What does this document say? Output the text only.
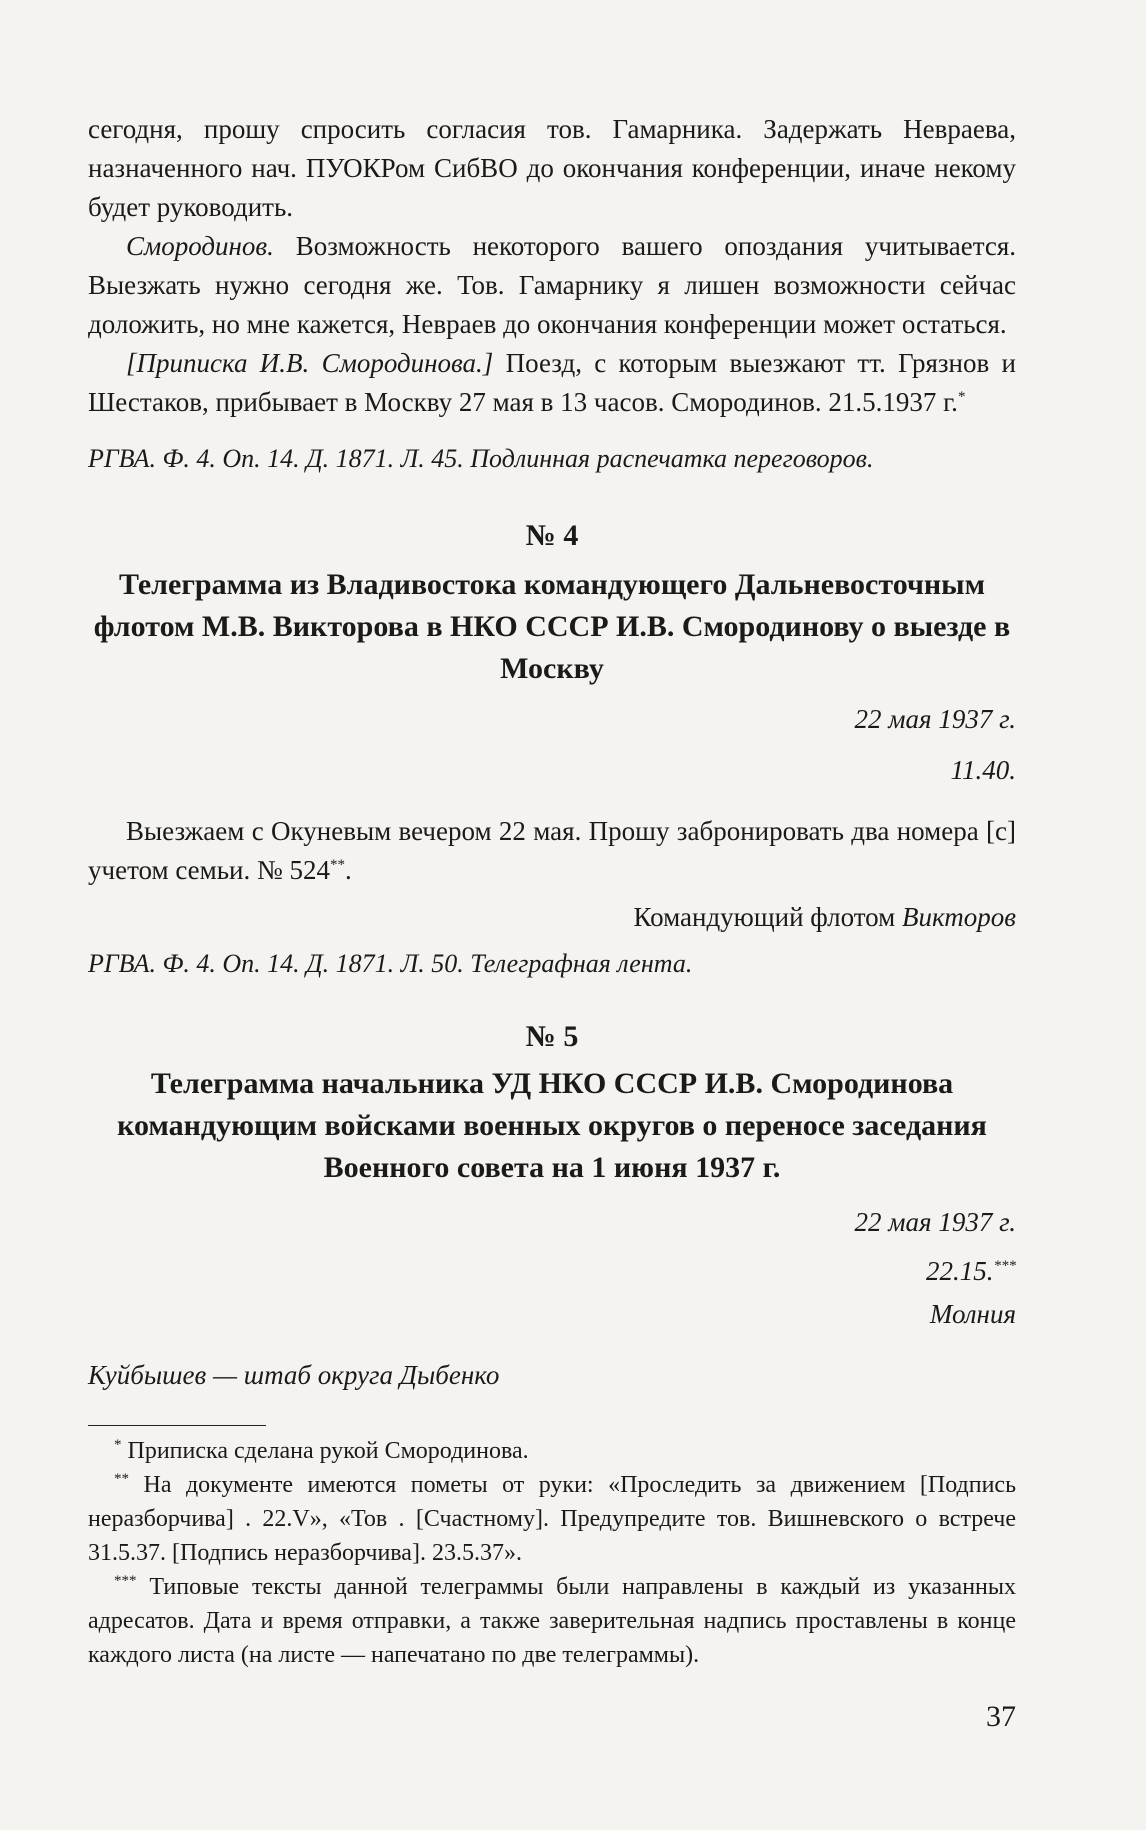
сегодня, прошу спросить согласия тов. Гамарника. Задержать Невраева, назначенного нач. ПУОКРом СибВО до окончания конференции, иначе некому будет руководить.

Смородинов. Возможность некоторого вашего опоздания учитывается. Выезжать нужно сегодня же. Тов. Гамарнику я лишен возможности сейчас доложить, но мне кажется, Невраев до окончания конференции может остаться.

[Приписка И.В. Смородинова.] Поезд, с которым выезжают тт. Грязнов и Шестаков, прибывает в Москву 27 мая в 13 часов. Смородинов. 21.5.1937 г.*

РГВА. Ф. 4. Оп. 14. Д. 1871. Л. 45. Подлинная распечатка переговоров.

№ 4

Телеграмма из Владивостока командующего Дальневосточным флотом М.В. Викторова в НКО СССР И.В. Смородинову о выезде в Москву

22 мая 1937 г.

11.40.

Выезжаем с Окуневым вечером 22 мая. Прошу забронировать два номера [с] учетом семьи. № 524**.

Командующий флотом Викторов

РГВА. Ф. 4. Оп. 14. Д. 1871. Л. 50. Телеграфная лента.

№ 5

Телеграмма начальника УД НКО СССР И.В. Смородинова командующим войсками военных округов о переносе заседания Военного совета на 1 июня 1937 г.

22 мая 1937 г.

22.15.***

Молния

Куйбышев — штаб округа Дыбенко

* Приписка сделана рукой Смородинова.

** На документе имеются пометы от руки: «Проследить за движением [Подпись неразборчива] . 22.V», «Тов . [Счастному]. Предупредите тов. Вишневского о встрече 31.5.37. [Подпись неразборчива]. 23.5.37».

*** Типовые тексты данной телеграммы были направлены в каждый из указанных адресатов. Дата и время отправки, а также заверительная надпись проставлены в конце каждого листа (на листе — напечатано по две телеграммы).

37
